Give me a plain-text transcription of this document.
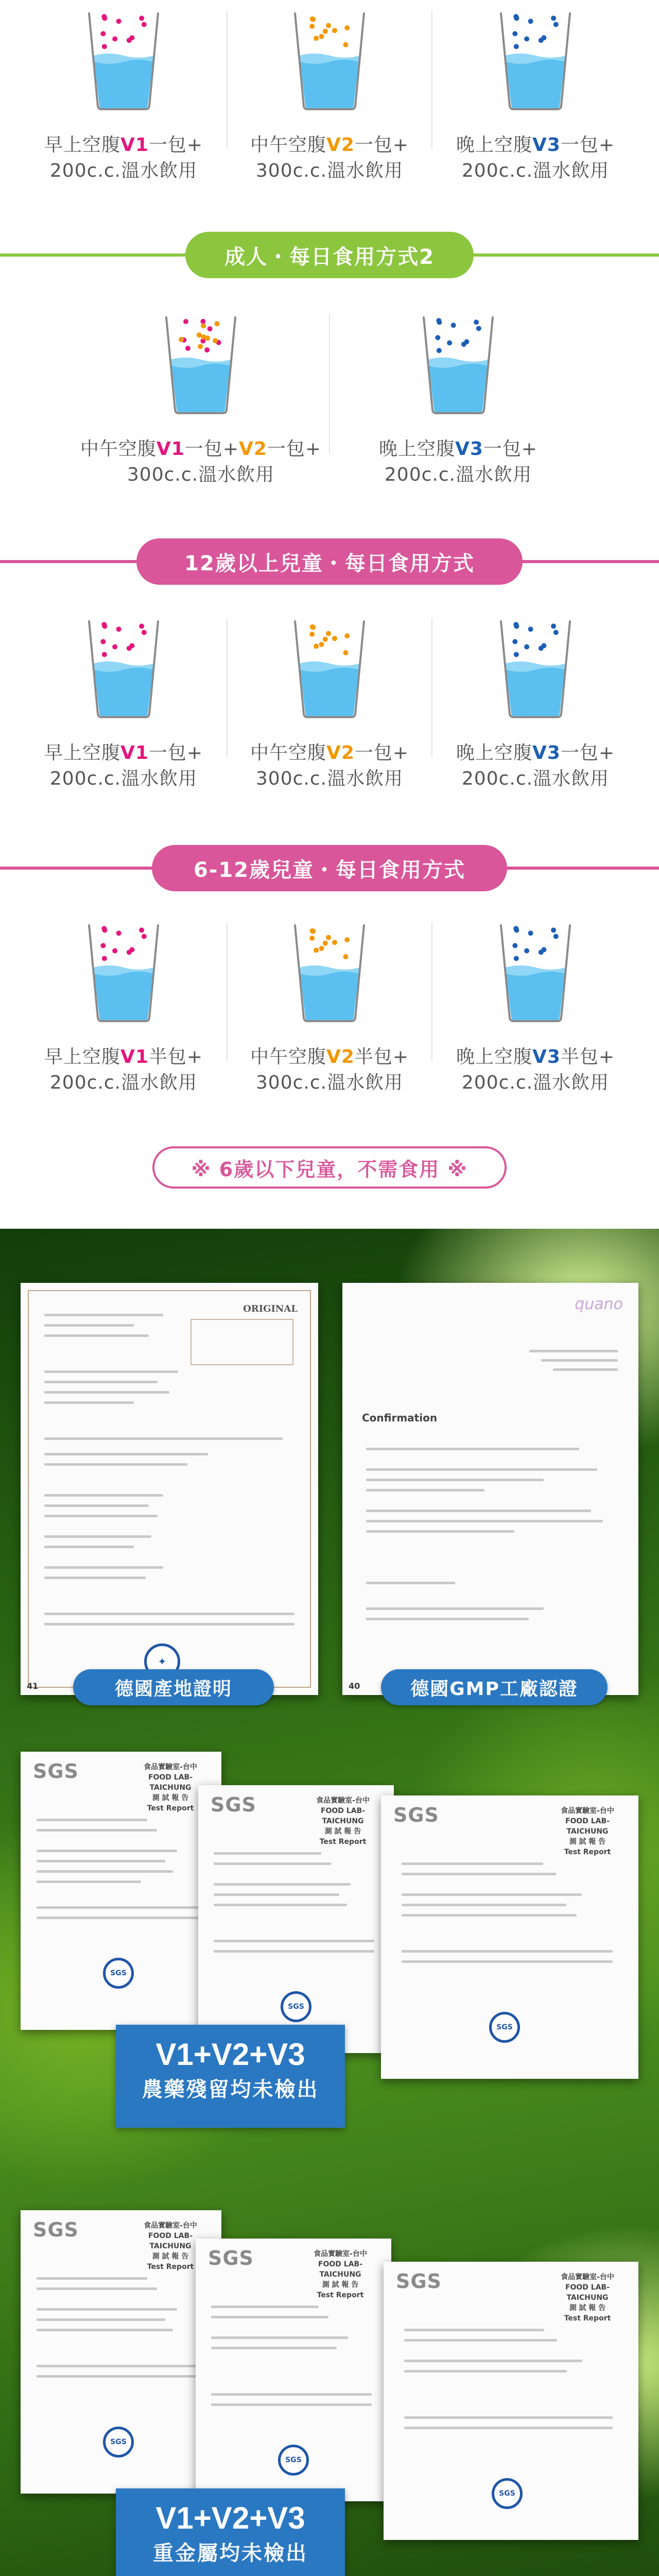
早上空腹V1一包+
200c.c.溫水飲用
中午空腹V2一包+
300c.c.溫水飲用
晚上空腹V3一包+
200c.c.溫水飲用
成人・每日食用方式2
中午空腹V1一包+V2一包+
300c.c.溫水飲用
晚上空腹V3一包+
200c.c.溫水飲用
12歲以上兒童・每日食用方式
早上空腹V1一包+
200c.c.溫水飲用
中午空腹V2一包+
300c.c.溫水飲用
晚上空腹V3一包+
200c.c.溫水飲用
6-12歲兒童・每日食用方式
早上空腹V1半包+
200c.c.溫水飲用
中午空腹V2半包+
300c.c.溫水飲用
晚上空腹V3半包+
200c.c.溫水飲用
※ 6歲以下兒童，不需食用 ※
ORIGINAL
✦
41
quano
Confirmation
40
德國產地證明	德國GMP工廠認證
SGS	食品實驗室-台中
FOOD LAB-TAICHUNG
測 試 報 告
Test Report
SGS
SGS	食品實驗室-台中
FOOD LAB-TAICHUNG
測 試 報 告
Test Report
SGS
SGS	食品實驗室-台中
FOOD LAB-TAICHUNG
測 試 報 告
Test Report
SGS
V1+V2+V3
農藥殘留均未檢出
SGS	食品實驗室-台中
FOOD LAB-TAICHUNG
測 試 報 告
Test Report
SGS
SGS	食品實驗室-台中
FOOD LAB-TAICHUNG
測 試 報 告
Test Report
SGS
SGS	食品實驗室-台中
FOOD LAB-TAICHUNG
測 試 報 告
Test Report
SGS
V1+V2+V3
重金屬均未檢出
